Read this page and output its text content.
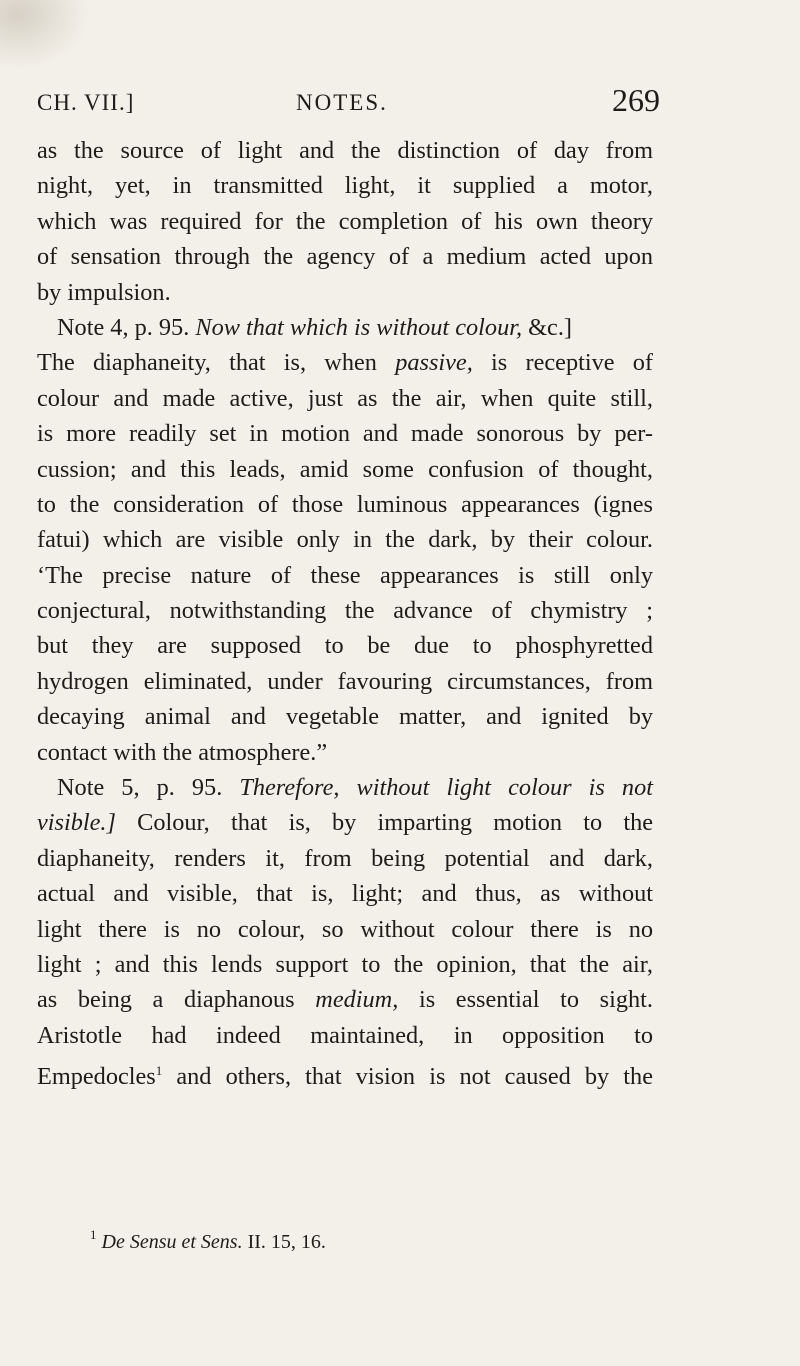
CH. VII.]	NOTES.	269
as the source of light and the distinction of day from
night, yet, in transmitted light, it supplied a motor,
which was required for the completion of his own theory
of sensation through the agency of a medium acted upon
by impulsion.
Note 4, p. 95. Now that which is without colour, &c.]
The diaphaneity, that is, when passive, is receptive of
colour and made active, just as the air, when quite still,
is more readily set in motion and made sonorous by per-
cussion; and this leads, amid some confusion of thought,
to the consideration of those luminous appearances (ignes
fatui) which are visible only in the dark, by their colour.
‘The precise nature of these appearances is still only
conjectural, notwithstanding the advance of chymistry ;
but they are supposed to be due to phosphyretted
hydrogen eliminated, under favouring circumstances, from
decaying animal and vegetable matter, and ignited by
contact with the atmosphere.”
Note 5, p. 95. Therefore, without light colour is not
visible.] Colour, that is, by imparting motion to the
diaphaneity, renders it, from being potential and dark,
actual and visible, that is, light; and thus, as without
light there is no colour, so without colour there is no
light ; and this lends support to the opinion, that the air,
as being a diaphanous medium, is essential to sight.
Aristotle had indeed maintained, in opposition to
Empedocles$^1$ and others, that vision is not caused by the
$^1$ De Sensu et Sens. II. 15, 16.
